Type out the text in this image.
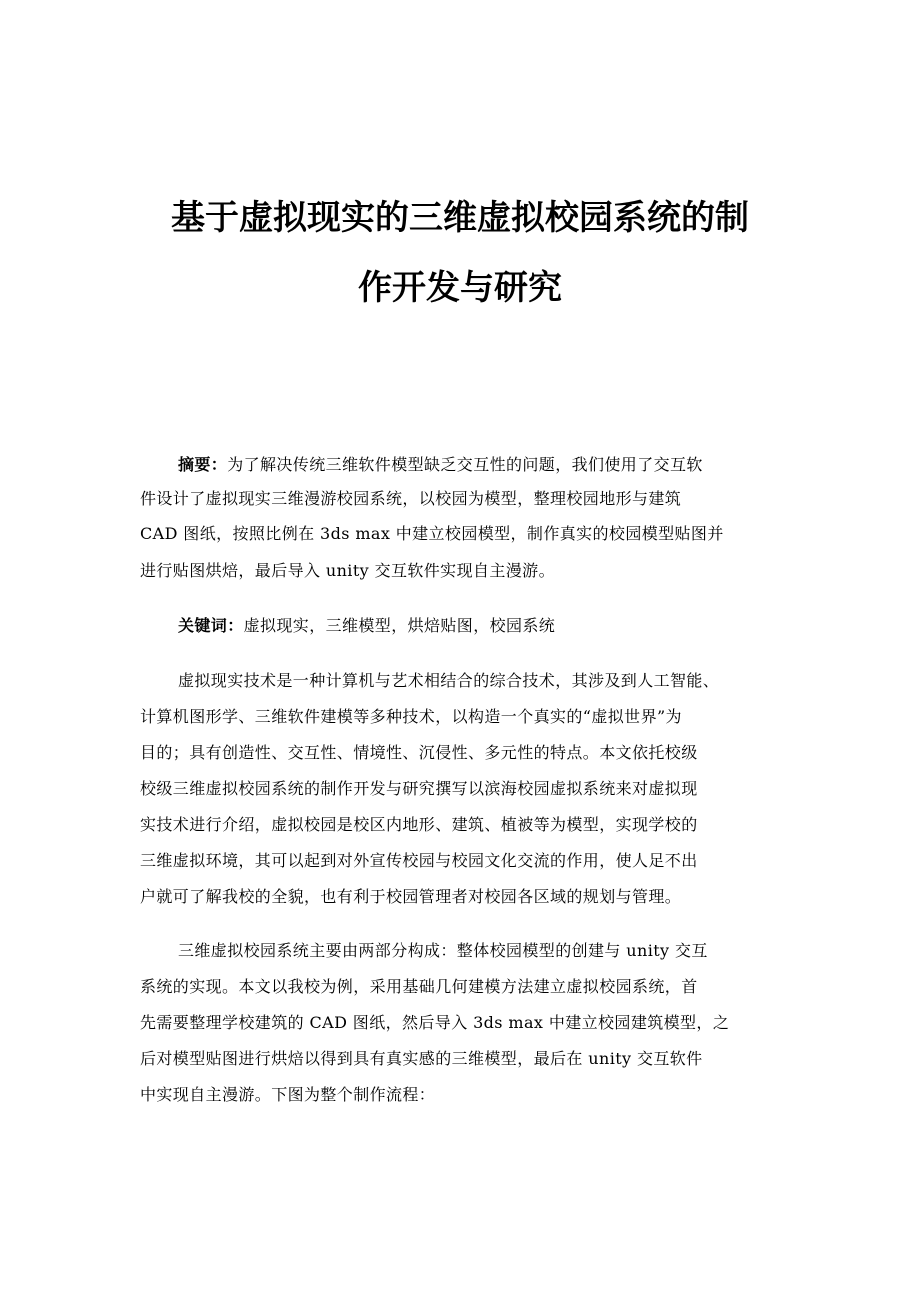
基于虚拟现实的三维虚拟校园系统的制
作开发与研究
摘要：为了解决传统三维软件模型缺乏交互性的问题，我们使用了交互软
件设计了虚拟现实三维漫游校园系统，以校园为模型，整理校园地形与建筑
CAD 图纸，按照比例在 3ds max 中建立校园模型，制作真实的校园模型贴图并
进行贴图烘焙，最后导入 unity 交互软件实现自主漫游。
关键词：虚拟现实，三维模型，烘焙贴图，校园系统
虚拟现实技术是一种计算机与艺术相结合的综合技术，其涉及到人工智能、
计算机图形学、三维软件建模等多种技术，以构造一个真实的“虚拟世界”为
目的；具有创造性、交互性、情境性、沉侵性、多元性的特点。本文依托校级
校级三维虚拟校园系统的制作开发与研究撰写以滨海校园虚拟系统来对虚拟现
实技术进行介绍，虚拟校园是校区内地形、建筑、植被等为模型，实现学校的
三维虚拟环境，其可以起到对外宣传校园与校园文化交流的作用，使人足不出
户就可了解我校的全貌，也有利于校园管理者对校园各区域的规划与管理。
三维虚拟校园系统主要由两部分构成：整体校园模型的创建与 unity 交互
系统的实现。本文以我校为例，采用基础几何建模方法建立虚拟校园系统，首
先需要整理学校建筑的 CAD 图纸，然后导入 3ds max 中建立校园建筑模型，之
后对模型贴图进行烘焙以得到具有真实感的三维模型，最后在 unity 交互软件
中实现自主漫游。下图为整个制作流程：
